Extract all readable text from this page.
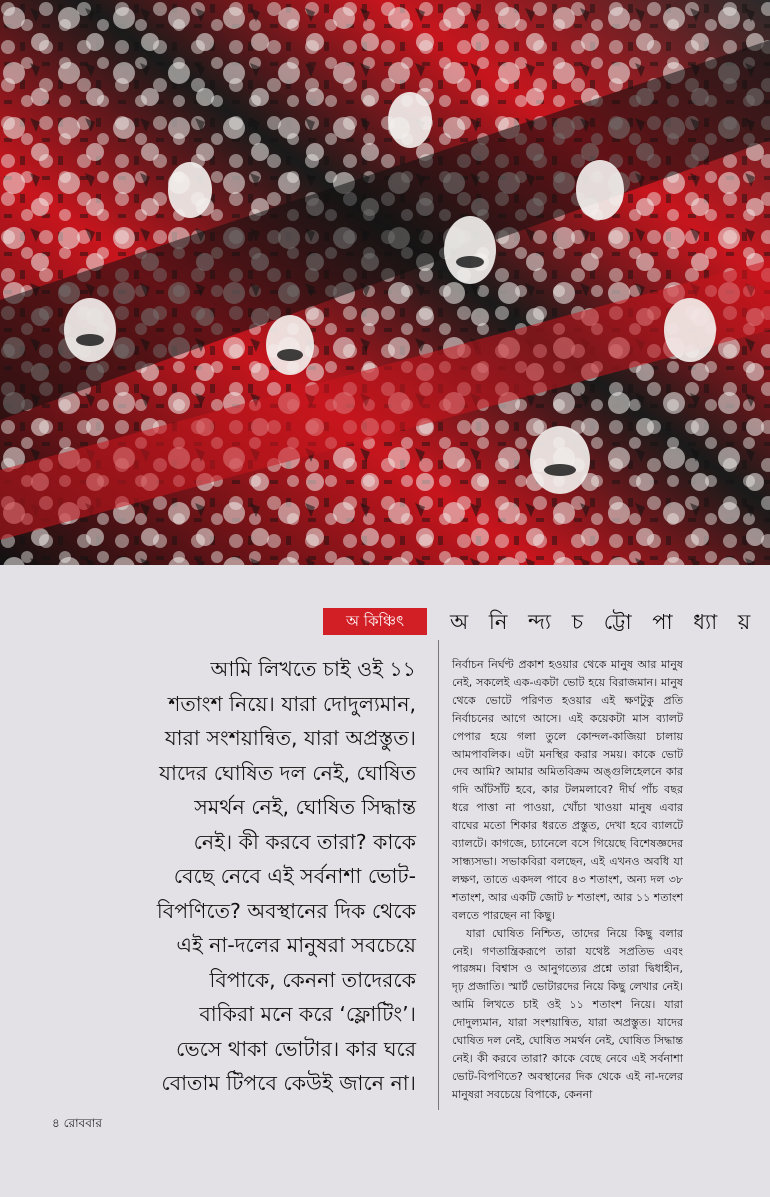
অ কিঞ্চিৎ	অ নি ন্দ্য চ ট্টো পা ধ্যা য়

আমি লিখতে চাই ওই ১১ শতাংশ নিয়ে। যারা দোদুল্যমান, যারা সংশয়ান্বিত, যারা অপ্রস্তুত। যাদের ঘোষিত দল নেই, ঘোষিত সমর্থন নেই, ঘোষিত সিদ্ধান্ত নেই। কী করবে তারা? কাকে বেছে নেবে এই সর্বনাশা ভোট-বিপণিতে? অবস্থানের দিক থেকে এই না-দলের মানুষরা সবচেয়ে বিপাকে, কেননা তাদেরকে বাকিরা মনে করে ‘ফ্লোটিং’। ভেসে থাকা ভোটার। কার ঘরে বোতাম টিপবে কেউই জানে না।

নির্বাচন নির্ঘণ্ট প্রকাশ হওয়ার থেকে মানুষ আর মানুষ নেই, সকলেই এক-একটা ভোট হয়ে বিরাজমান। মানুষ থেকে ভোটে পরিণত হওয়ার এই ক্ষণটুকু প্রতি নির্বাচনের আগে আসে। এই কয়েকটা মাস ব্যালট পেপার হয়ে গলা তুলে কোন্দল-কাজিয়া চালায় আমপাবলিক। এটা মনস্থির করার সময়। কাকে ভোট দেব আমি? আমার অমিতবিক্রম অঙ্গুলিহেলনে কার গদি আঁটসাঁট হবে, কার টলমলাবে? দীর্ঘ পাঁচ বছর ধরে পাত্তা না পাওয়া, খোঁচা খাওয়া মানুষ এবার বাঘের মতো শিকার ধরতে প্রস্তুত, দেখা হবে ব্যালটে ব্যালটে। কাগজে, চ্যানেলে বসে গিয়েছে বিশেষজ্ঞদের সান্ধ্যসভা। সভাকবিরা বলছেন, এই এখনও অবধি যা লক্ষণ, তাতে একদল পাবে ৪৩ শতাংশ, অন্য দল ৩৮ শতাংশ, আর একটি জোট ৮ শতাংশ, আর ১১ শতাংশ বলতে পারছেন না কিছু।

যারা ঘোষিত নিশ্চিত, তাদের নিয়ে কিছু বলার নেই। গণতান্ত্রিকরূপে তারা যথেষ্ট সপ্রতিভ এবং পারঙ্গম। বিশ্বাস ও আনুগত্যের প্রশ্নে তারা দ্বিধাহীন, দৃঢ় প্রজাতি। স্মার্ট ভোটারদের নিয়ে কিছু লেখার নেই। আমি লিখতে চাই ওই ১১ শতাংশ নিয়ে। যারা দোদুল্যমান, যারা সংশয়ান্বিত, যারা অপ্রস্তুত। যাদের ঘোষিত দল নেই, ঘোষিত সমর্থন নেই, ঘোষিত সিদ্ধান্ত নেই। কী করবে তারা? কাকে বেছে নেবে এই সর্বনাশা ভোট-বিপণিতে? অবস্থানের দিক থেকে এই না-দলের মানুষরা সবচেয়ে বিপাকে, কেননা

৪ রোববার
